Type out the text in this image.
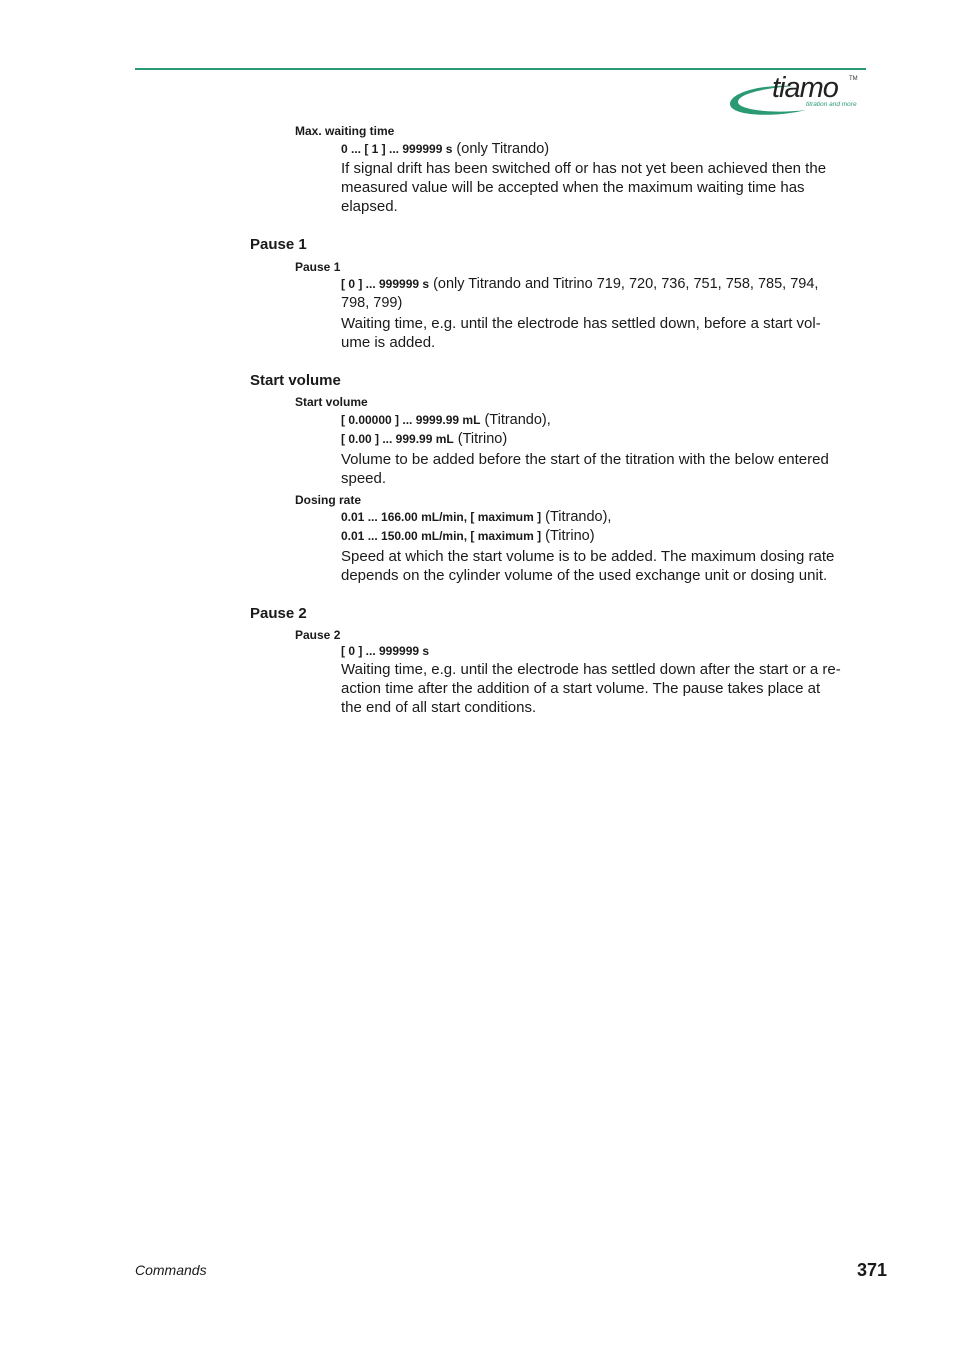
tiamo TM
titration and more
Max. waiting time
0 ... [ 1 ] ... 999999 s (only Titrando)
If signal drift has been switched off or has not yet been achieved then the
measured value will be accepted when the maximum waiting time has
elapsed.
Pause 1
Pause 1
[ 0 ] ... 999999 s (only Titrando and Titrino 719, 720, 736, 751, 758, 785, 794,
798, 799)
Waiting time, e.g. until the electrode has settled down, before a start vol-
ume is added.
Start volume
Start volume
[ 0.00000 ] ... 9999.99 mL (Titrando),
[ 0.00 ] ... 999.99 mL (Titrino)
Volume to be added before the start of the titration with the below entered
speed.
Dosing rate
0.01 ... 166.00 mL/min, [ maximum ] (Titrando),
0.01 ... 150.00 mL/min, [ maximum ] (Titrino)
Speed at which the start volume is to be added. The maximum dosing rate
depends on the cylinder volume of the used exchange unit or dosing unit.
Pause 2
Pause 2
[ 0 ] ... 999999 s
Waiting time, e.g. until the electrode has settled down after the start or a re-
action time after the addition of a start volume. The pause takes place at
the end of all start conditions.
Commands	371
